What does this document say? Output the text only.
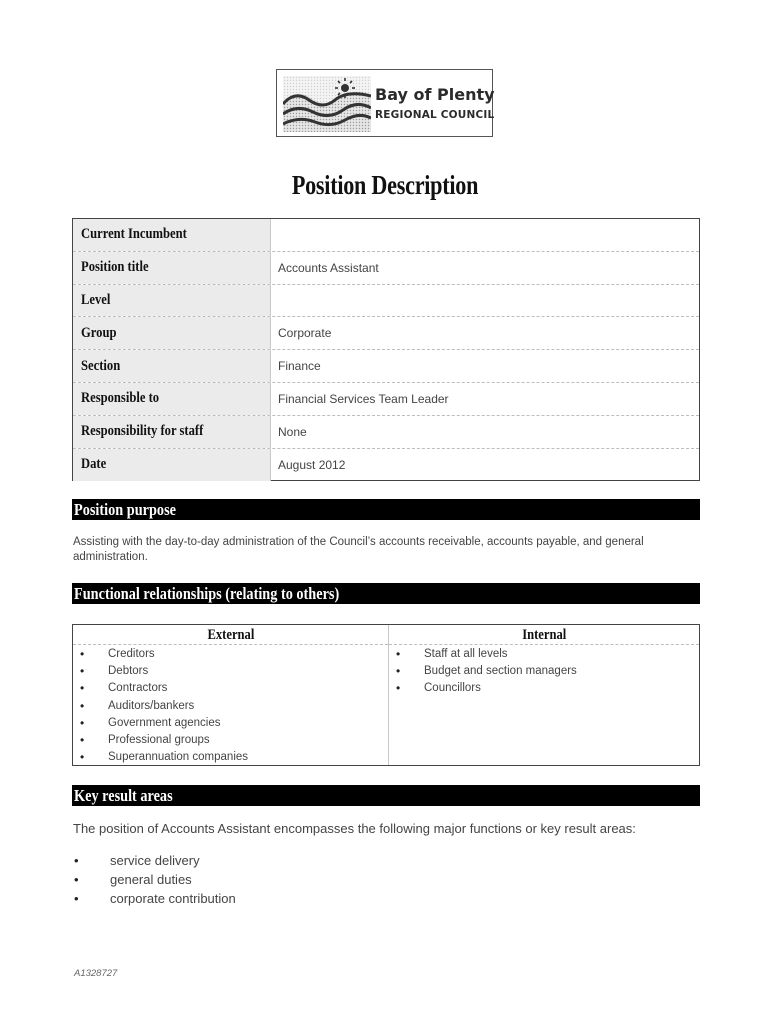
Bay of Plenty
REGIONAL COUNCIL
Position Description
Current Incumbent
Position title	Accounts Assistant
Level
Group	Corporate
Section	Finance
Responsible to	Financial Services Team Leader
Responsibility for staff	None
Date	August 2012
Position purpose

Assisting with the day-to-day administration of the Council’s accounts receivable, accounts payable, and general administration.

Functional relationships (relating to others)
External
• Creditors
• Debtors
• Contractors
• Auditors/bankers
• Government agencies
• Professional groups
• Superannuation companies
Internal
• Staff at all levels
• Budget and section managers
• Councillors
Key result areas

The position of Accounts Assistant encompasses the following major functions or key result areas:

• service delivery
• general duties
• corporate contribution
A1328727
